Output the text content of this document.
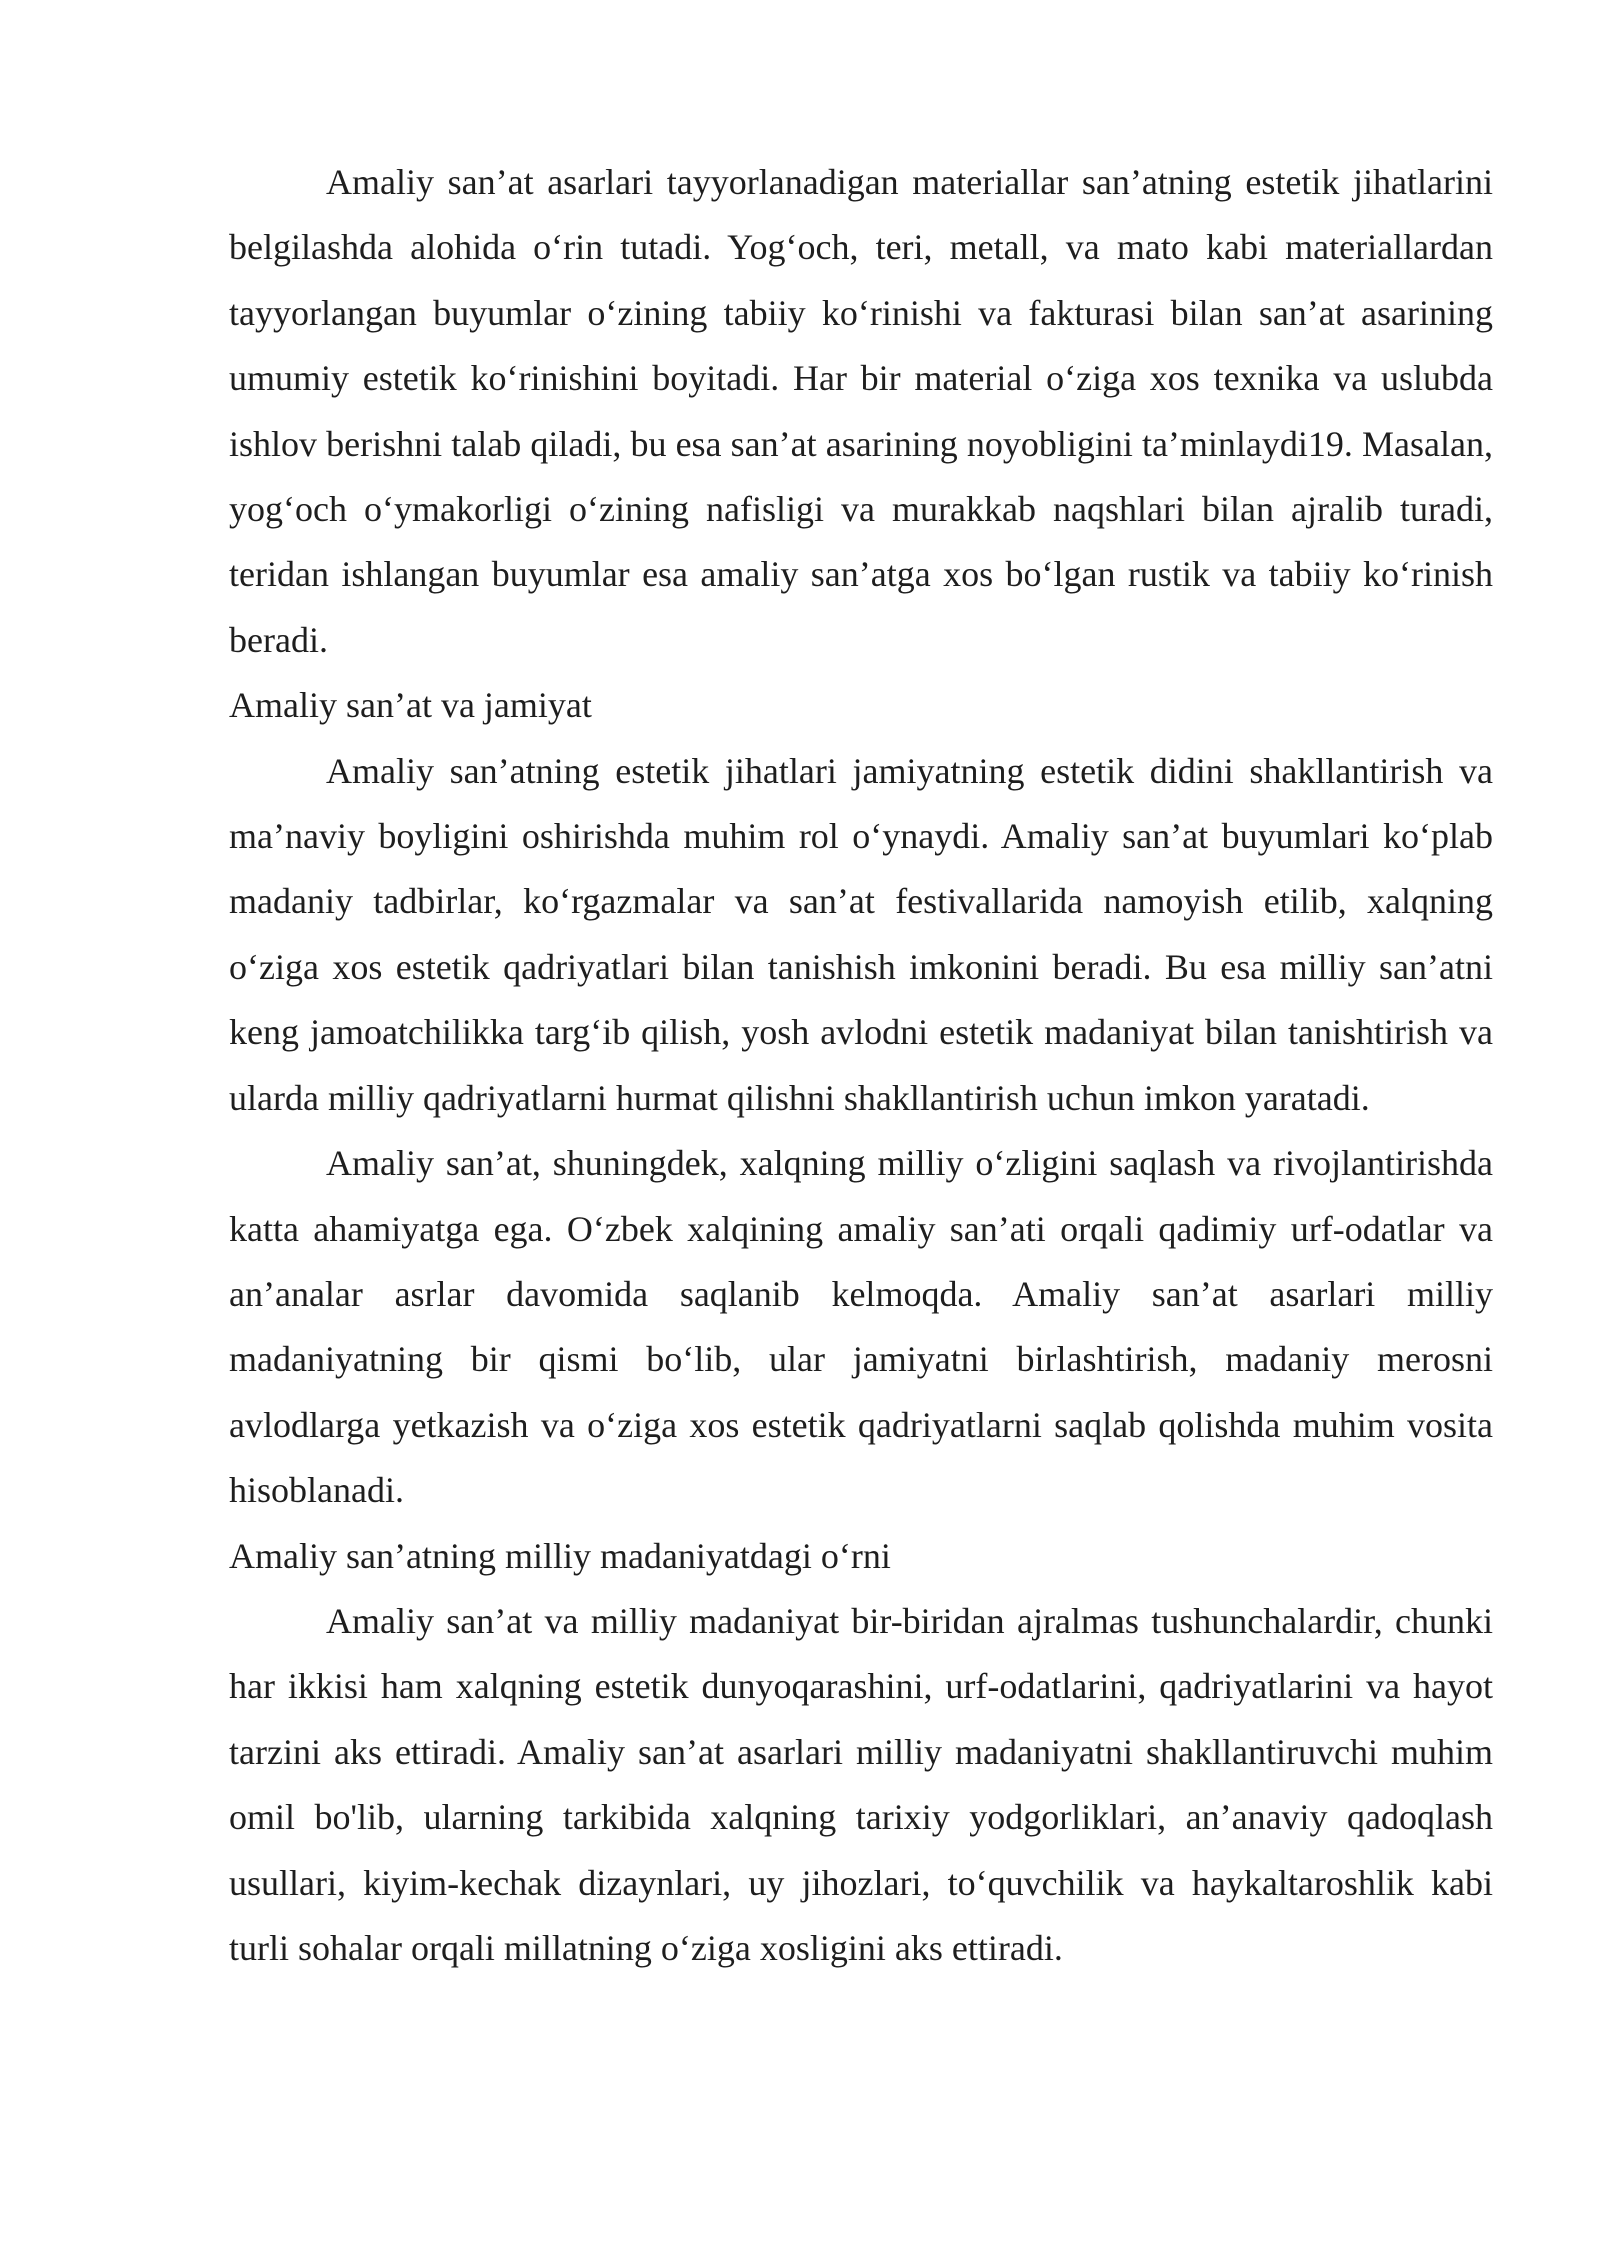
Amaliy san’at asarlari tayyorlanadigan materiallar san’atning estetik jihatlarini belgilashda alohida o‘rin tutadi. Yog‘och, teri, metall, va mato kabi materiallardan tayyorlangan buyumlar o‘zining tabiiy ko‘rinishi va fakturasi bilan san’at asarining umumiy estetik ko‘rinishini boyitadi. Har bir material o‘ziga xos texnika va uslubda ishlov berishni talab qiladi, bu esa san’at asarining noyobligini ta’minlaydi19. Masalan, yog‘och o‘ymakorligi o‘zining nafisligi va murakkab naqshlari bilan ajralib turadi, teridan ishlangan buyumlar esa amaliy san’atga xos bo‘lgan rustik va tabiiy ko‘rinish beradi.

Amaliy san’at va jamiyat

Amaliy san’atning estetik jihatlari jamiyatning estetik didini shakllantirish va ma’naviy boyligini oshirishda muhim rol o‘ynaydi. Amaliy san’at buyumlari ko‘plab madaniy tadbirlar, ko‘rgazmalar va san’at festivallarida namoyish etilib, xalqning o‘ziga xos estetik qadriyatlari bilan tanishish imkonini beradi. Bu esa milliy san’atni keng jamoatchilikka targ‘ib qilish, yosh avlodni estetik madaniyat bilan tanishtirish va ularda milliy qadriyatlarni hurmat qilishni shakllantirish uchun imkon yaratadi.

Amaliy san’at, shuningdek, xalqning milliy o‘zligini saqlash va rivojlantirishda katta ahamiyatga ega. O‘zbek xalqining amaliy san’ati orqali qadimiy urf-odatlar va an’analar asrlar davomida saqlanib kelmoqda. Amaliy san’at asarlari milliy madaniyatning bir qismi bo‘lib, ular jamiyatni birlashtirish, madaniy merosni avlodlarga yetkazish va o‘ziga xos estetik qadriyatlarni saqlab qolishda muhim vosita hisoblanadi.

Amaliy san’atning milliy madaniyatdagi o‘rni

Amaliy san’at va milliy madaniyat bir-biridan ajralmas tushunchalardir, chunki har ikkisi ham xalqning estetik dunyoqarashini, urf-odatlarini, qadriyatlarini va hayot tarzini aks ettiradi. Amaliy san’at asarlari milliy madaniyatni shakllantiruvchi muhim omil bo'lib, ularning tarkibida xalqning tarixiy yodgorliklari, an’anaviy qadoqlash usullari, kiyim-kechak dizaynlari, uy jihozlari, to‘quvchilik va haykaltaroshlik kabi turli sohalar orqali millatning o‘ziga xosligini aks ettiradi.
